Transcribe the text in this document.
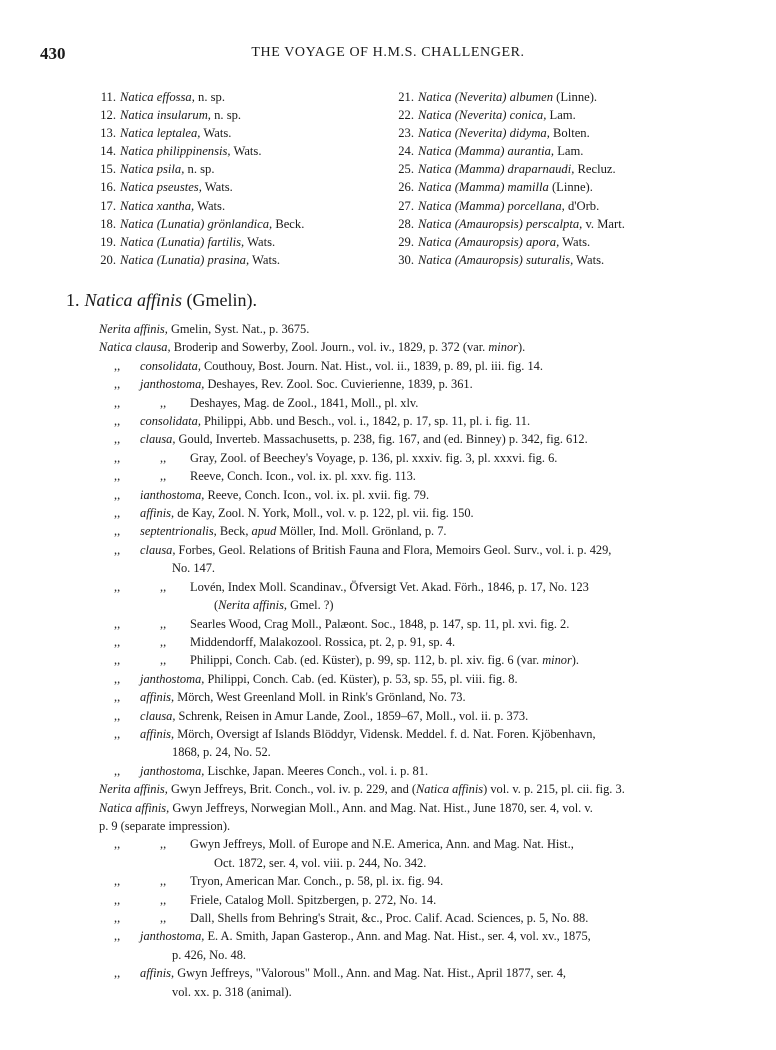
430	THE VOYAGE OF H.M.S. CHALLENGER.
11. Natica effossa, n. sp.
12. Natica insularum, n. sp.
13. Natica leptalea, Wats.
14. Natica philippinensis, Wats.
15. Natica psila, n. sp.
16. Natica pseustes, Wats.
17. Natica xantha, Wats.
18. Natica (Lunatia) grönlandica, Beck.
19. Natica (Lunatia) fartilis, Wats.
20. Natica (Lunatia) prasina, Wats.
21. Natica (Neverita) albumen (Linne).
22. Natica (Neverita) conica, Lam.
23. Natica (Neverita) didyma, Bolten.
24. Natica (Mamma) aurantia, Lam.
25. Natica (Mamma) draparnaudi, Recluz.
26. Natica (Mamma) mamilla (Linne).
27. Natica (Mamma) porcellana, d'Orb.
28. Natica (Amauropsis) perscalpta, v. Mart.
29. Natica (Amauropsis) apora, Wats.
30. Natica (Amauropsis) suturalis, Wats.
1. Natica affinis (Gmelin).
Nerita affinis, Gmelin, Syst. Nat., p. 3675.
Natica clausa, Broderip and Sowerby, Zool. Journ., vol. iv., 1829, p. 372 (var. minor).
,, consolidata, Couthouy, Bost. Journ. Nat. Hist., vol. ii., 1839, p. 89, pl. iii. fig. 14.
,, janthostoma, Deshayes, Rev. Zool. Soc. Cuvierienne, 1839, p. 361.
,,	,, Deshayes, Mag. de Zool., 1841, Moll., pl. xlv.
,, consolidata, Philippi, Abb. und Besch., vol. i., 1842, p. 17, sp. 11, pl. i. fig. 11.
,, clausa, Gould, Inverteb. Massachusetts, p. 238, fig. 167, and (ed. Binney) p. 342, fig. 612.
,,	,, Gray, Zool. of Beechey's Voyage, p. 136, pl. xxxiv. fig. 3, pl. xxxvi. fig. 6.
,,	,, Reeve, Conch. Icon., vol. ix. pl. xxv. fig. 113.
,, ianthostoma, Reeve, Conch. Icon., vol. ix. pl. xvii. fig. 79.
,, affinis, de Kay, Zool. N. York, Moll., vol. v. p. 122, pl. vii. fig. 150.
,, septentrionalis, Beck, apud Möller, Ind. Moll. Grönland, p. 7.
,, clausa, Forbes, Geol. Relations of British Fauna and Flora, Memoirs Geol. Surv., vol. i. p. 429,
No. 147.
,,	,, Lovén, Index Moll. Scandinav., Öfversigt Vet. Akad. Förh., 1846, p. 17, No. 123
(Nerita affinis, Gmel. ?)
,,	,, Searles Wood, Crag Moll., Palæont. Soc., 1848, p. 147, sp. 11, pl. xvi. fig. 2.
,,	,, Middendorff, Malakozool. Rossica, pt. 2, p. 91, sp. 4.
,,	,, Philippi, Conch. Cab. (ed. Küster), p. 99, sp. 112, b. pl. xiv. fig. 6 (var. minor).
,, janthostoma, Philippi, Conch. Cab. (ed. Küster), p. 53, sp. 55, pl. viii. fig. 8.
,, affinis, Mörch, West Greenland Moll. in Rink's Grönland, No. 73.
,, clausa, Schrenk, Reisen in Amur Lande, Zool., 1859–67, Moll., vol. ii. p. 373.
,, affinis, Mörch, Oversigt af Islands Blöddyr, Vidensk. Meddel. f. d. Nat. Foren. Kjöbenhavn,
1868, p. 24, No. 52.
,, janthostoma, Lischke, Japan. Meeres Conch., vol. i. p. 81.
Nerita affinis, Gwyn Jeffreys, Brit. Conch., vol. iv. p. 229, and (Natica affinis) vol. v. p. 215, pl. cii. fig. 3.
Natica affinis, Gwyn Jeffreys, Norwegian Moll., Ann. and Mag. Nat. Hist., June 1870, ser. 4, vol. v.
p. 9 (separate impression).
,,	,, Gwyn Jeffreys, Moll. of Europe and N.E. America, Ann. and Mag. Nat. Hist.,
Oct. 1872, ser. 4, vol. viii. p. 244, No. 342.
,,	,, Tryon, American Mar. Conch., p. 58, pl. ix. fig. 94.
,,	,, Friele, Catalog Moll. Spitzbergen, p. 272, No. 14.
,,	,, Dall, Shells from Behring's Strait, &c., Proc. Calif. Acad. Sciences, p. 5, No. 88.
,, janthostoma, E. A. Smith, Japan Gasterop., Ann. and Mag. Nat. Hist., ser. 4, vol. xv., 1875,
p. 426, No. 48.
,, affinis, Gwyn Jeffreys, "Valorous" Moll., Ann. and Mag. Nat. Hist., April 1877, ser. 4,
vol. xx. p. 318 (animal).
